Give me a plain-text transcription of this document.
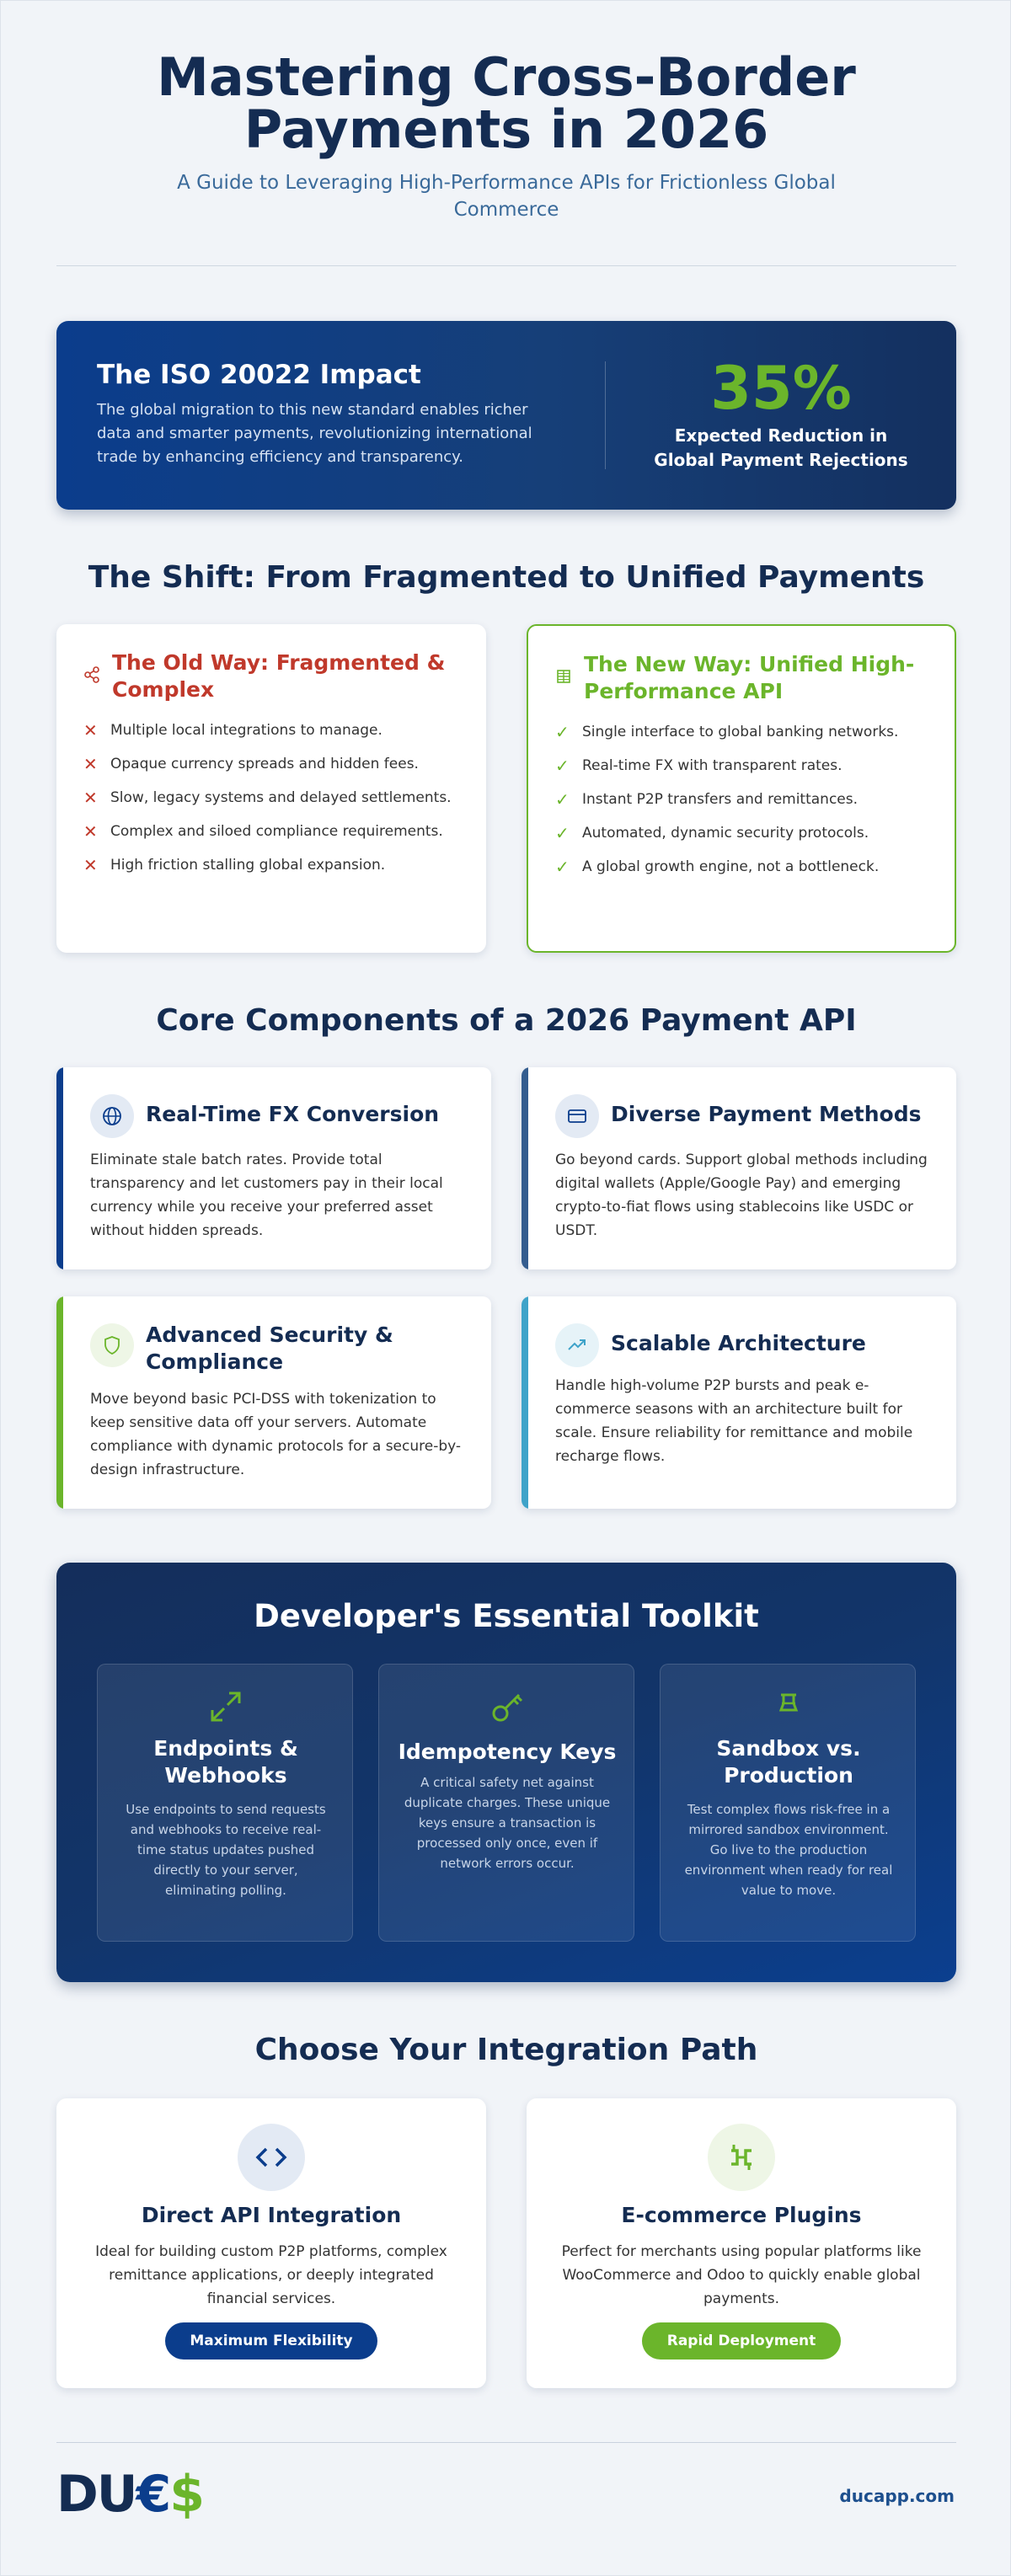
Mastering Cross-Border
Payments in 2026
A Guide to Leveraging High-Performance APIs for Frictionless Global Commerce
The ISO 20022 Impact
The global migration to this new standard enables richer data and smarter payments, revolutionizing international trade by enhancing efficiency and transparency.
35%
Expected Reduction in Global Payment Rejections
The Shift: From Fragmented to Unified Payments
The Old Way: Fragmented & Complex
✕ Multiple local integrations to manage.
✕ Opaque currency spreads and hidden fees.
✕ Slow, legacy systems and delayed settlements.
✕ Complex and siloed compliance requirements.
✕ High friction stalling global expansion.
The New Way: Unified High-Performance API
✓ Single interface to global banking networks.
✓ Real-time FX with transparent rates.
✓ Instant P2P transfers and remittances.
✓ Automated, dynamic security protocols.
✓ A global growth engine, not a bottleneck.
Core Components of a 2026 Payment API
Real-Time FX Conversion
Eliminate stale batch rates. Provide total transparency and let customers pay in their local currency while you receive your preferred asset without hidden spreads.
Diverse Payment Methods
Go beyond cards. Support global methods including digital wallets (Apple/Google Pay) and emerging crypto-to-fiat flows using stablecoins like USDC or USDT.
Advanced Security & Compliance
Move beyond basic PCI-DSS with tokenization to keep sensitive data off your servers. Automate compliance with dynamic protocols for a secure-by-design infrastructure.
Scalable Architecture
Handle high-volume P2P bursts and peak e-commerce seasons with an architecture built for scale. Ensure reliability for remittance and mobile recharge flows.
Developer's Essential Toolkit
Endpoints & Webhooks
Use endpoints to send requests and webhooks to receive real-time status updates pushed directly to your server, eliminating polling.
Idempotency Keys
A critical safety net against duplicate charges. These unique keys ensure a transaction is processed only once, even if network errors occur.
Sandbox vs. Production
Test complex flows risk-free in a mirrored sandbox environment. Go live to the production environment when ready for real value to move.
Choose Your Integration Path
Direct API Integration
Ideal for building custom P2P platforms, complex remittance applications, or deeply integrated financial services.
Maximum Flexibility
E-commerce Plugins
Perfect for merchants using popular platforms like WooCommerce and Odoo to quickly enable global payments.
Rapid Deployment
DU€$	ducapp.com
